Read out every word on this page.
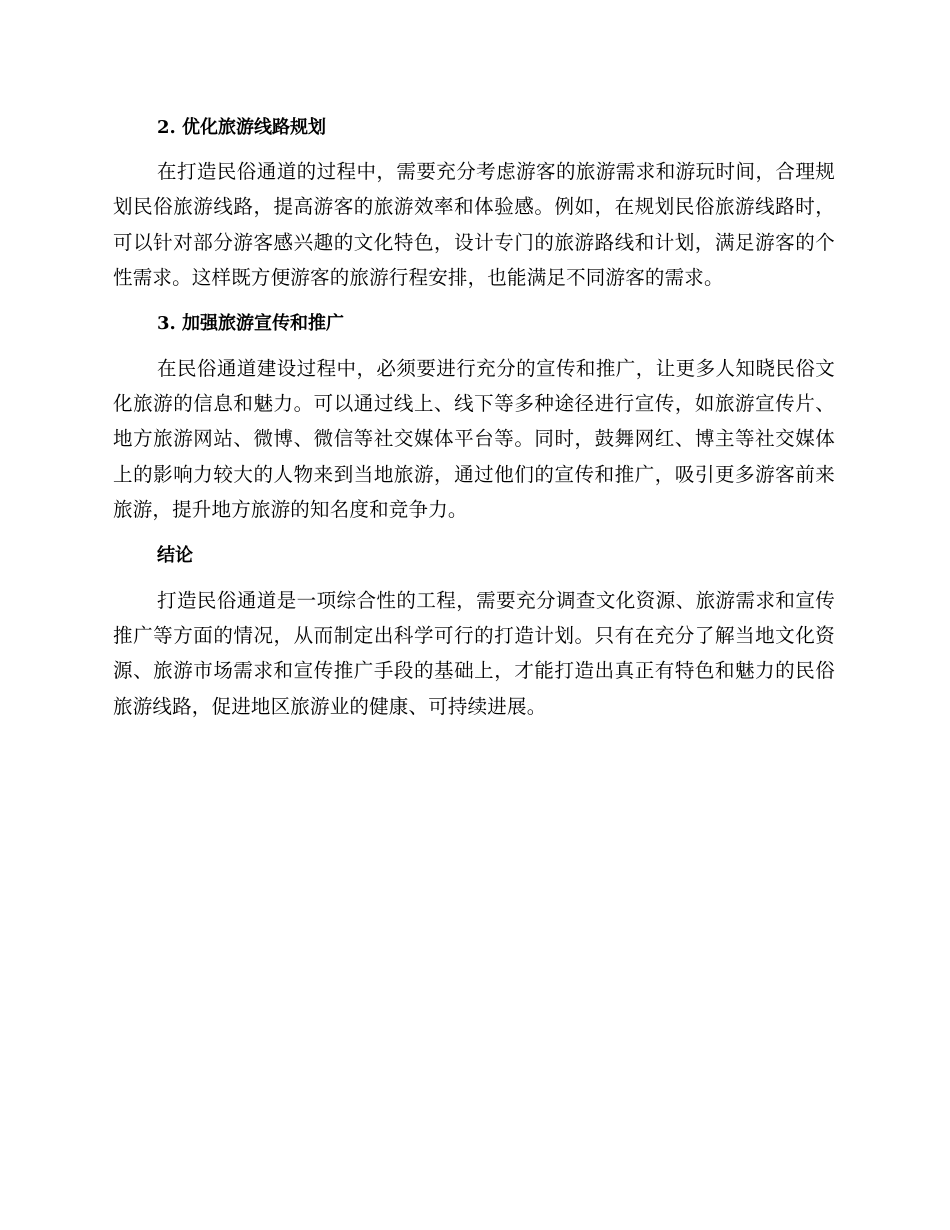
2. 优化旅游线路规划

在打造民俗通道的过程中，需要充分考虑游客的旅游需求和游玩时间，合理规划民俗旅游线路，提高游客的旅游效率和体验感。例如，在规划民俗旅游线路时，可以针对部分游客感兴趣的文化特色，设计专门的旅游路线和计划，满足游客的个性需求。这样既方便游客的旅游行程安排，也能满足不同游客的需求。

3. 加强旅游宣传和推广

在民俗通道建设过程中，必须要进行充分的宣传和推广，让更多人知晓民俗文化旅游的信息和魅力。可以通过线上、线下等多种途径进行宣传，如旅游宣传片、地方旅游网站、微博、微信等社交媒体平台等。同时，鼓舞网红、博主等社交媒体上的影响力较大的人物来到当地旅游，通过他们的宣传和推广，吸引更多游客前来旅游，提升地方旅游的知名度和竞争力。

结论

打造民俗通道是一项综合性的工程，需要充分调查文化资源、旅游需求和宣传推广等方面的情况，从而制定出科学可行的打造计划。只有在充分了解当地文化资源、旅游市场需求和宣传推广手段的基础上，才能打造出真正有特色和魅力的民俗旅游线路，促进地区旅游业的健康、可持续进展。
